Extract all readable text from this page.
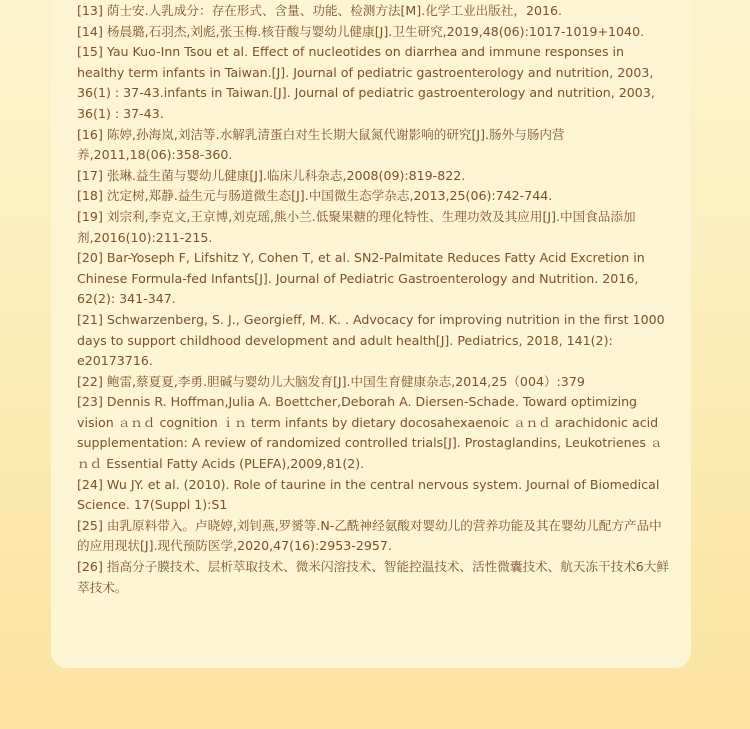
[13] 荫士安.人乳成分：存在形式、含量、功能、检测方法[M].化学工业出版社，2016.
[14] 杨晨璐,石羽杰,刘彪,张玉梅.核苷酸与婴幼儿健康[J].卫生研究,2019,48(06):1017-1019+1040.
[15] Yau Kuo-Inn Tsou et al. Effect of nucleotides on diarrhea and immune responses in healthy term infants in Taiwan.[J]. Journal of pediatric gastroenterology and nutrition, 2003, 36(1) : 37-43.infants in Taiwan.[J]. Journal of pediatric gastroenterology and nutrition, 2003, 36(1) : 37-43.
[16] 陈婷,孙海岚,刘洁等.水解乳清蛋白对生长期大鼠氮代谢影响的研究[J].肠外与肠内营养,2011,18(06):358-360.
[17] 张琳.益生菌与婴幼儿健康[J].临床儿科杂志,2008(09):819-822.
[18] 沈定树,郑静.益生元与肠道微生态[J].中国微生态学杂志,2013,25(06):742-744.
[19] 刘宗利,李克文,王京博,刘克瑶,熊小兰.低聚果糖的理化特性、生理功效及其应用[J].中国食品添加剂,2016(10):211-215.
[20] Bar-Yoseph F, Lifshitz Y, Cohen T, et al. SN2-Palmitate Reduces Fatty Acid Excretion in Chinese Formula-fed Infants[J]. Journal of Pediatric Gastroenterology and Nutrition. 2016, 62(2): 341-347.
[21] Schwarzenberg, S. J., Georgieff, M. K. . Advocacy for improving nutrition in the first 1000 days to support childhood development and adult health[J]. Pediatrics, 2018, 141(2): e20173716.
[22] 鲍雷,蔡夏夏,李勇.胆碱与婴幼儿大脑发育[J].中国生育健康杂志,2014,25（004）:379
[23] Dennis R. Hoffman,Julia A. Boettcher,Deborah A. Diersen-Schade. Toward optimizing vision ａｎｄ cognition ｉｎ term infants by dietary docosahexaenoic ａｎｄ arachidonic acid supplementation: A review of randomized controlled trials[J]. Prostaglandins, Leukotrienes ａｎｄ Essential Fatty Acids (PLEFA),2009,81(2).
[24] Wu JY. et al. (2010). Role of taurine in the central nervous system. Journal of Biomedical Science. 17(Suppl 1):S1
[25] 由乳原料带入。卢晓婷,刘钊燕,罗赟等.N-乙酰神经氨酸对婴幼儿的营养功能及其在婴幼儿配方产品中的应用现状[J].现代预防医学,2020,47(16):2953-2957.
[26] 指高分子膜技术、层析萃取技术、微米闪溶技术、智能控温技术、活性微囊技术、航天冻干技术6大鲜萃技术。
